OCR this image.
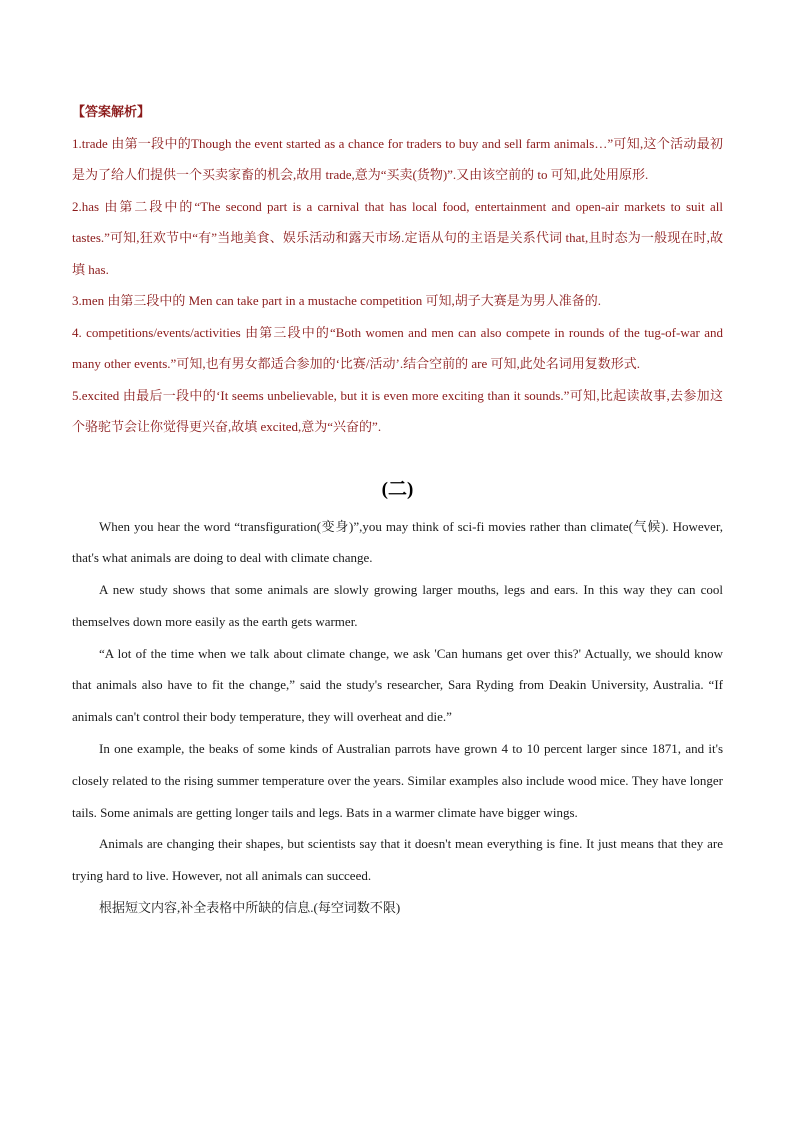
【答案解析】

1.trade 由第一段中的Though the event started as a chance for traders to buy and sell farm animals…”可知,这个活动最初是为了给人们提供一个买卖家畜的机会,故用 trade,意为“买卖(货物)”.又由该空前的 to 可知,此处用原形.

2.has 由第二段中的“The second part is a carnival that has local food, entertainment and open-air markets to suit all tastes.”可知,狂欢节中“有”当地美食、娱乐活动和露天市场.定语从句的主语是关系代词 that,且时态为一般现在时,故填 has.

3.men 由第三段中的 Men can take part in a mustache competition 可知,胡子大赛是为男人准备的.

4. competitions/events/activities 由第三段中的“Both women and men can also compete in rounds of the tug-of-war and many other events.”可知,也有男女都适合参加的‘比赛/活动’.结合空前的 are 可知,此处名词用复数形式.

5.excited 由最后一段中的‘It seems unbelievable, but it is even more exciting than it sounds.”可知,比起读故事,去参加这个骆驼节会让你觉得更兴奋,故填 excited,意为“兴奋的”.

(二)

When you hear the word “transfiguration(变身)”,you may think of sci-fi movies rather than climate(气候). However, that's what animals are doing to deal with climate change.

A new study shows that some animals are slowly growing larger mouths, legs and ears. In this way they can cool themselves down more easily as the earth gets warmer.

“A lot of the time when we talk about climate change, we ask 'Can humans get over this?' Actually, we should know that animals also have to fit the change,” said the study's researcher, Sara Ryding from Deakin University, Australia. “If animals can't control their body temperature, they will overheat and die.”

In one example, the beaks of some kinds of Australian parrots have grown 4 to 10 percent larger since 1871, and it's closely related to the rising summer temperature over the years. Similar examples also include wood mice. They have longer tails. Some animals are getting longer tails and legs. Bats in a warmer climate have bigger wings.

Animals are changing their shapes, but scientists say that it doesn't mean everything is fine. It just means that they are trying hard to live. However, not all animals can succeed.

根据短文内容,补全表格中所缺的信息.(每空词数不限)
